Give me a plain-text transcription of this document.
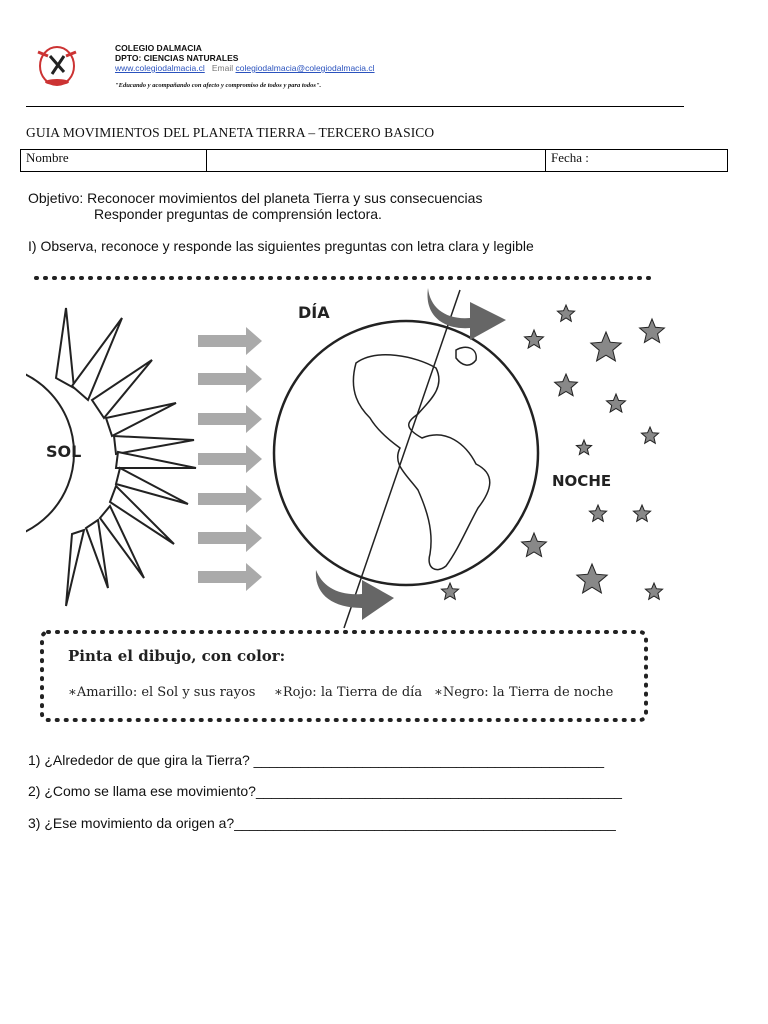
COLEGIO DALMACIA
DPTO: CIENCIAS NATURALES
www.colegiodalmacia.cl Email colegiodalmacia@colegiodalmacia.cl
"Educando y acompañando con afecto y compromiso de todos y para todos".
GUIA MOVIMIENTOS DEL PLANETA TIERRA – TERCERO BASICO
Nombre		Fecha :
Objetivo: Reconocer movimientos del planeta Tierra y sus consecuencias
Responder preguntas de comprensión lectora.
I) Observa, reconoce y responde las siguientes preguntas con letra clara y legible
SOL
DÍA
NOCHE
Pinta el dibujo, con color:
∗Amarillo: el Sol y sus rayos ∗Rojo: la Tierra de día ∗Negro: la Tierra de noche
1) ¿Alrededor de que gira la Tierra? _____________________________________________
2) ¿Como se llama ese movimiento?_______________________________________________
3) ¿Ese movimiento da origen a?_________________________________________________
